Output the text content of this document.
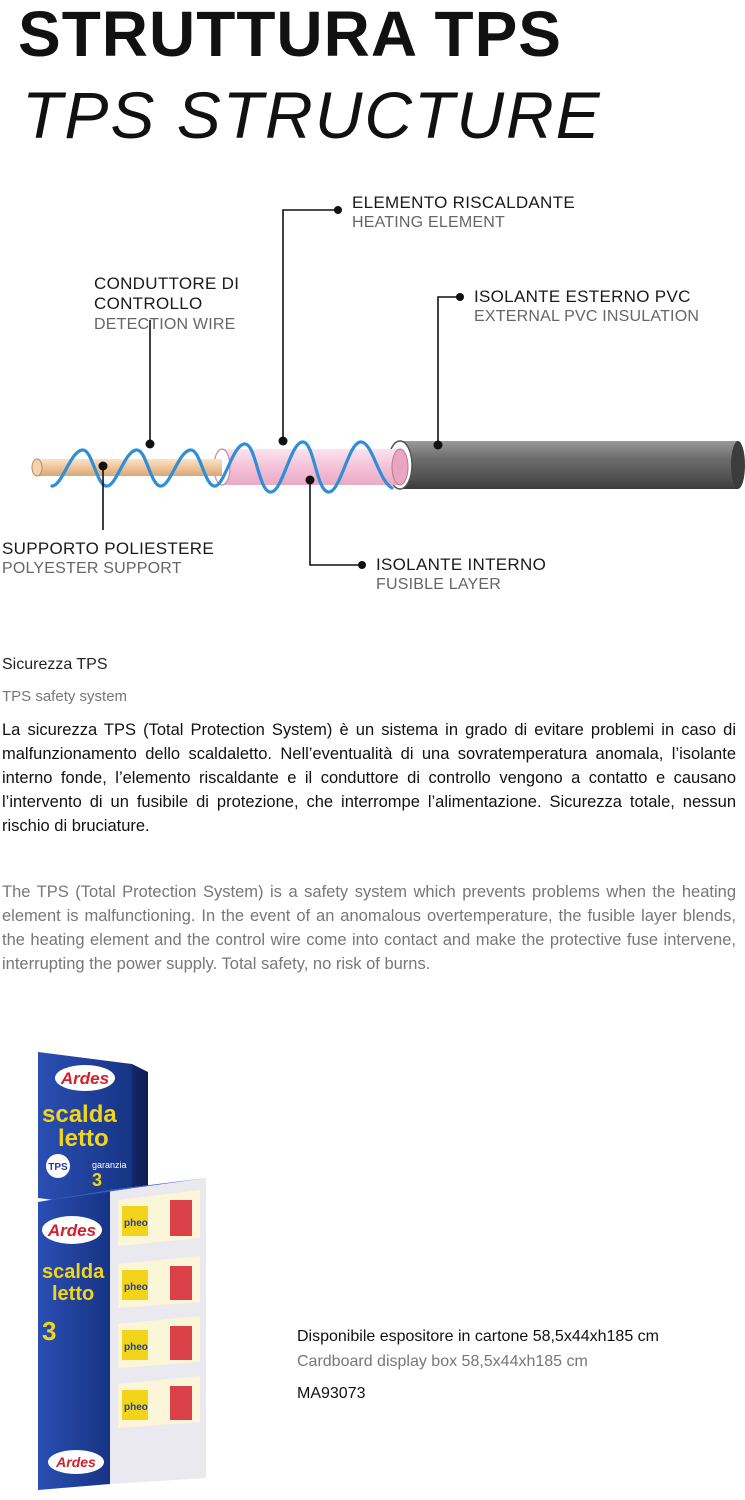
STRUTTURA TPS
TPS STRUCTURE
ELEMENTO RISCALDANTE
HEATING ELEMENT
CONDUTTORE DI
CONTROLLO
DETECTION WIRE
ISOLANTE ESTERNO PVC
EXTERNAL PVC INSULATION
SUPPORTO POLIESTERE
POLYESTER SUPPORT	ISOLANTE INTERNO
FUSIBLE LAYER
Sicurezza TPS
TPS safety system
La sicurezza TPS (Total Protection System) è un sistema in grado di evitare problemi in caso di malfunzionamento dello scaldaletto. Nell’eventualità di una sovratemperatura anomala, l’isolante interno fonde, l’elemento riscaldante e il conduttore di controllo vengono a contatto e causano l’intervento di un fusibile di protezione, che interrompe l’alimentazione. Sicurezza totale, nessun rischio di bruciature.
The TPS (Total Protection System) is a safety system which prevents problems when the heating element is malfunctioning. In the event of an anomalous overtemperature, the fusible layer blends, the heating element and the control wire come into contact and make the protective fuse intervene, interrupting the power supply. Total safety, no risk of burns.
Ardes
scalda
letto
TPS	garanzia
3
Ardes
scalda
letto
3
Ardes
pheo
pheo
pheo
pheo
Disponibile espositore in cartone 58,5x44xh185 cm
Cardboard display box 58,5x44xh185 cm
MA93073
